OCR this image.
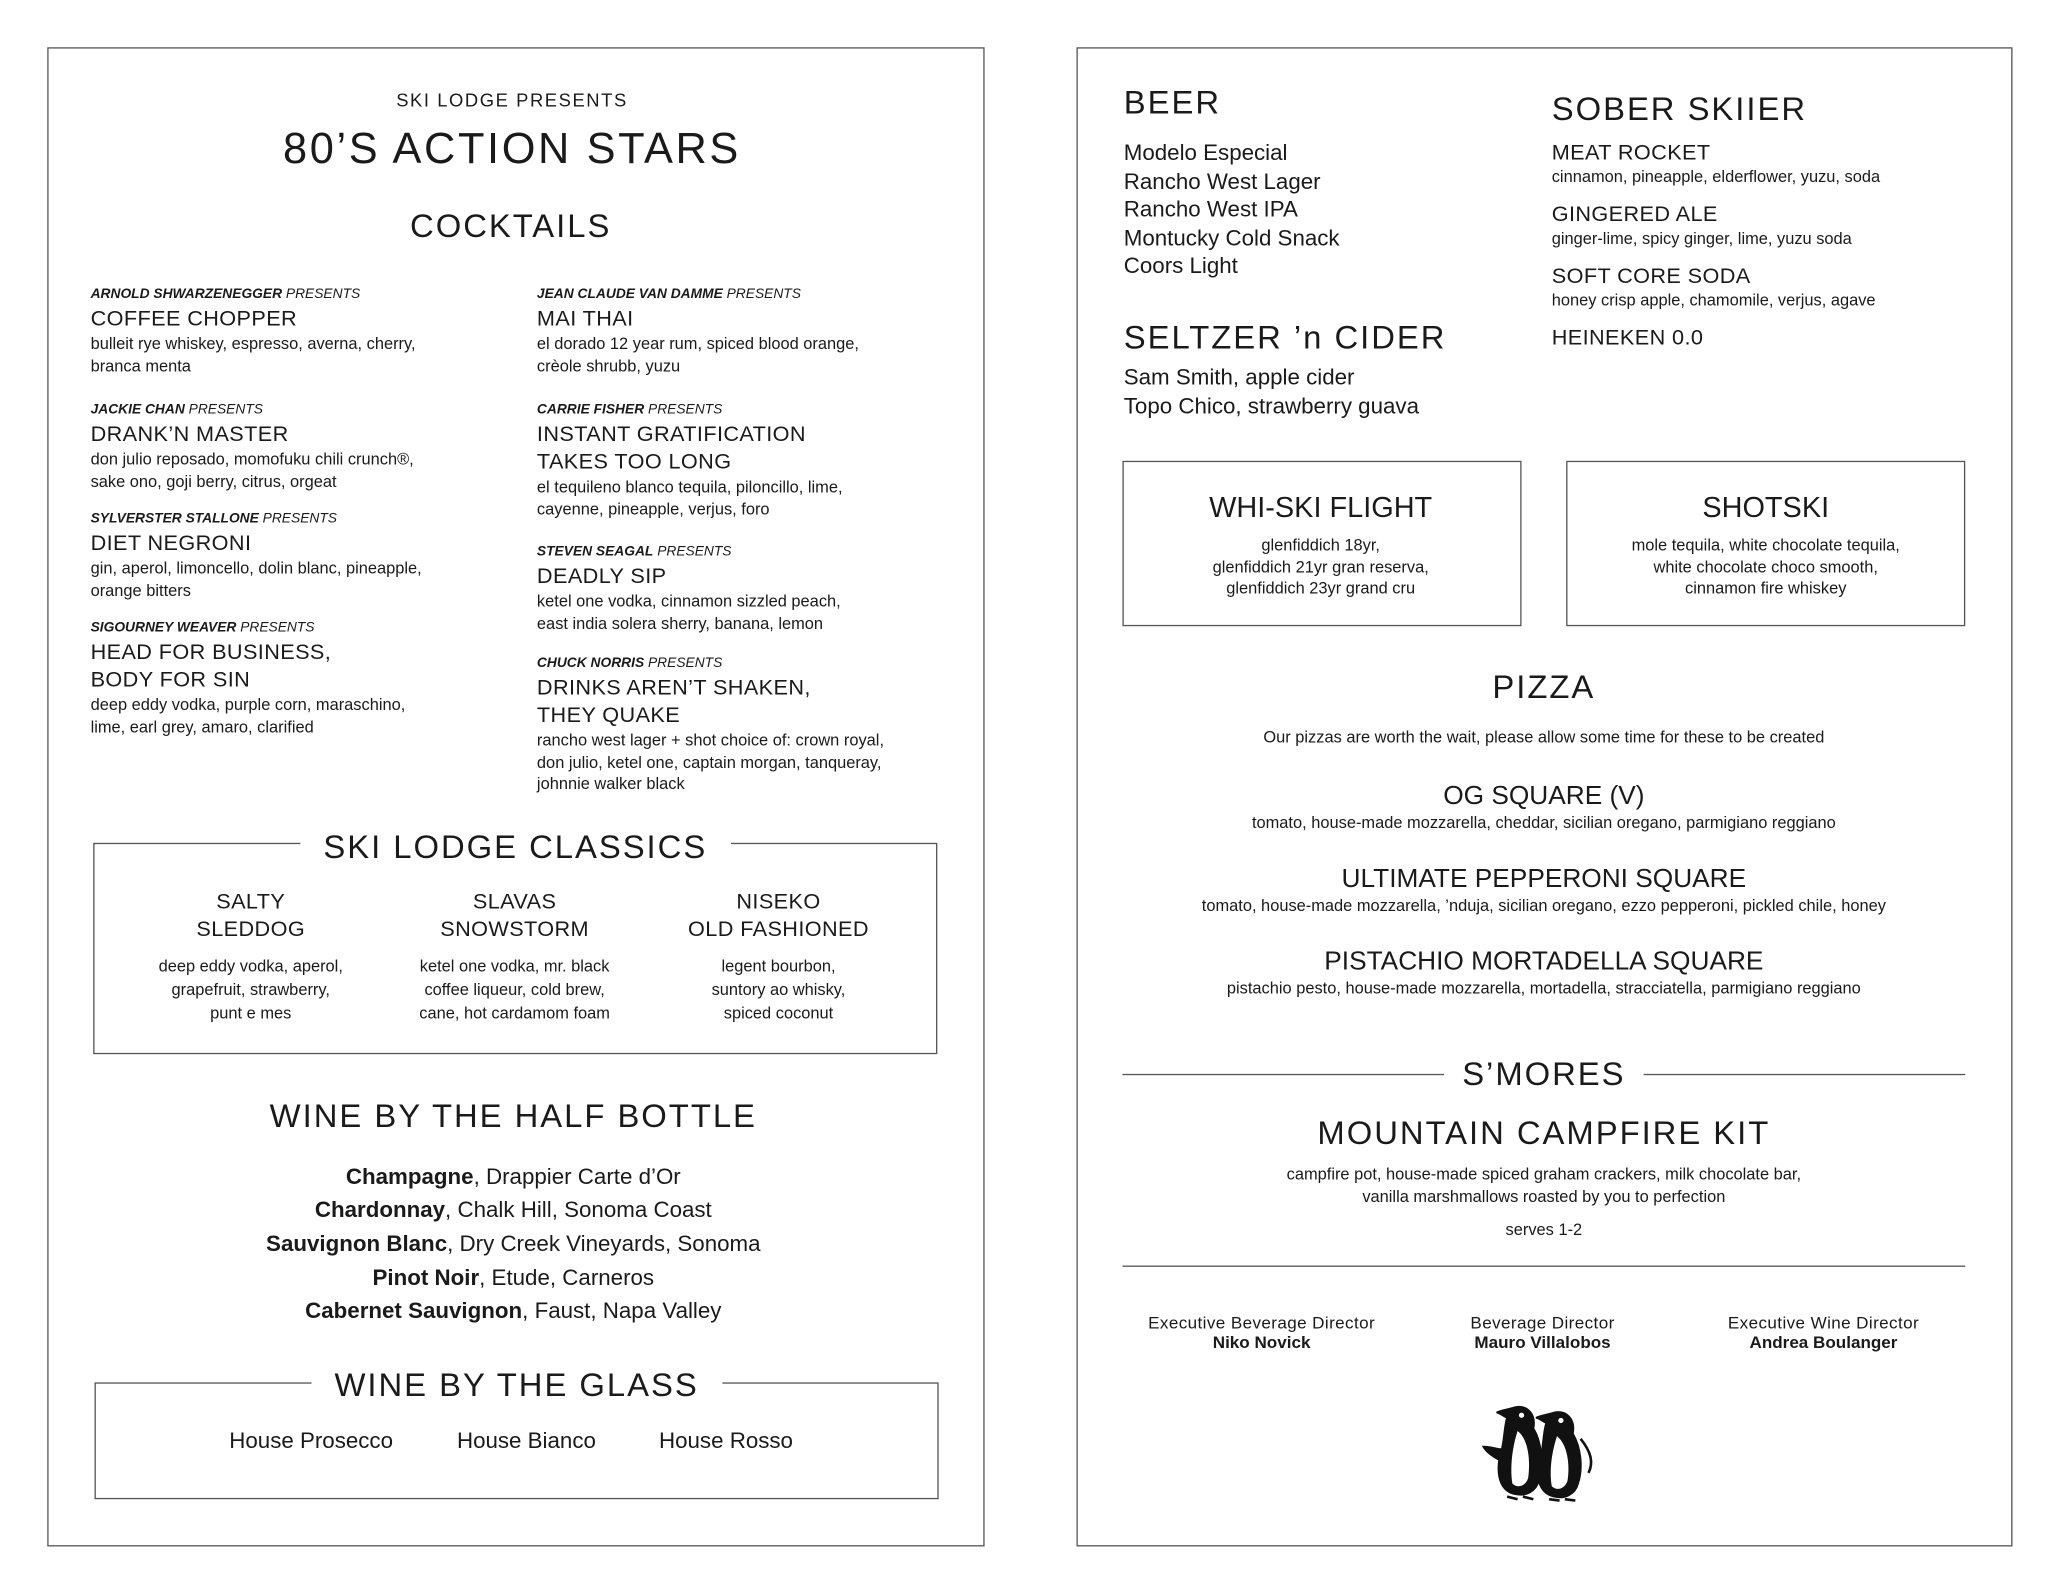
SKI LODGE PRESENTS
80’S ACTION STARS
COCKTAILS
SKI LODGE CLASSICS
WINE BY THE HALF BOTTLE
WINE BY THE GLASS
House Prosecco	House Bianco	House Rosso
BEER
Modelo Especial
Rancho West Lager
Rancho West IPA
Montucky Cold Snack
Coors Light
SELTZER ’n CIDER
Sam Smith, apple cider
Topo Chico, strawberry guava
SOBER SKIIER
MEAT ROCKET
cinnamon, pineapple, elderflower, yuzu, soda
GINGERED ALE
ginger-lime, spicy ginger, lime, yuzu soda
SOFT CORE SODA
honey crisp apple, chamomile, verjus, agave
HEINEKEN 0.0
WHI-SKI FLIGHT
glenfiddich 18yr,
glenfiddich 21yr gran reserva,
glenfiddich 23yr grand cru
SHOTSKI
mole tequila, white chocolate tequila,
white chocolate choco smooth,
cinnamon fire whiskey
PIZZA
Our pizzas are worth the wait, please allow some time for these to be created
OG SQUARE (V)
tomato, house-made mozzarella, cheddar, sicilian oregano, parmigiano reggiano
ULTIMATE PEPPERONI SQUARE
tomato, house-made mozzarella, ’nduja, sicilian oregano, ezzo pepperoni, pickled chile, honey
PISTACHIO MORTADELLA SQUARE
pistachio pesto, house-made mozzarella, mortadella, stracciatella, parmigiano reggiano
S’MORES
MOUNTAIN CAMPFIRE KIT
campfire pot, house-made spiced graham crackers, milk chocolate bar,
vanilla marshmallows roasted by you to perfection
serves 1-2
Executive Beverage Director
Niko Novick
Beverage Director
Mauro Villalobos
Executive Wine Director
Andrea Boulanger
ARNOLD SHWARZENEGGER PRESENTS
COFFEE CHOPPER
bulleit rye whiskey, espresso, averna, cherry,
branca menta
JACKIE CHAN PRESENTS
DRANK’N MASTER
don julio reposado, momofuku chili crunch®,
sake ono, goji berry, citrus, orgeat
SYLVERSTER STALLONE PRESENTS
DIET NEGRONI
gin, aperol, limoncello, dolin blanc, pineapple,
orange bitters
SIGOURNEY WEAVER PRESENTS
HEAD FOR BUSINESS,
BODY FOR SIN
deep eddy vodka, purple corn, maraschino,
lime, earl grey, amaro, clarified
JEAN CLAUDE VAN DAMME PRESENTS
MAI THAI
el dorado 12 year rum, spiced blood orange,
crèole shrubb, yuzu
CARRIE FISHER PRESENTS
INSTANT GRATIFICATION
TAKES TOO LONG
el tequileno blanco tequila, piloncillo, lime,
cayenne, pineapple, verjus, foro
STEVEN SEAGAL PRESENTS
DEADLY SIP
ketel one vodka, cinnamon sizzled peach,
east india solera sherry, banana, lemon
CHUCK NORRIS PRESENTS
DRINKS AREN’T SHAKEN,
THEY QUAKE
rancho west lager + shot choice of: crown royal,
don julio, ketel one, captain morgan, tanqueray,
johnnie walker black
SALTY
SLEDDOG
deep eddy vodka, aperol,
grapefruit, strawberry,
punt e mes
SLAVAS
SNOWSTORM
ketel one vodka, mr. black
coffee liqueur, cold brew,
cane, hot cardamom foam
NISEKO
OLD FASHIONED
legent bourbon,
suntory ao whisky,
spiced coconut
Champagne , Drappier Carte d’Or
Chardonnay , Chalk Hill, Sonoma Coast
Sauvignon Blanc , Dry Creek Vineyards, Sonoma
Pinot Noir , Etude, Carneros
Cabernet Sauvignon , Faust, Napa Valley
